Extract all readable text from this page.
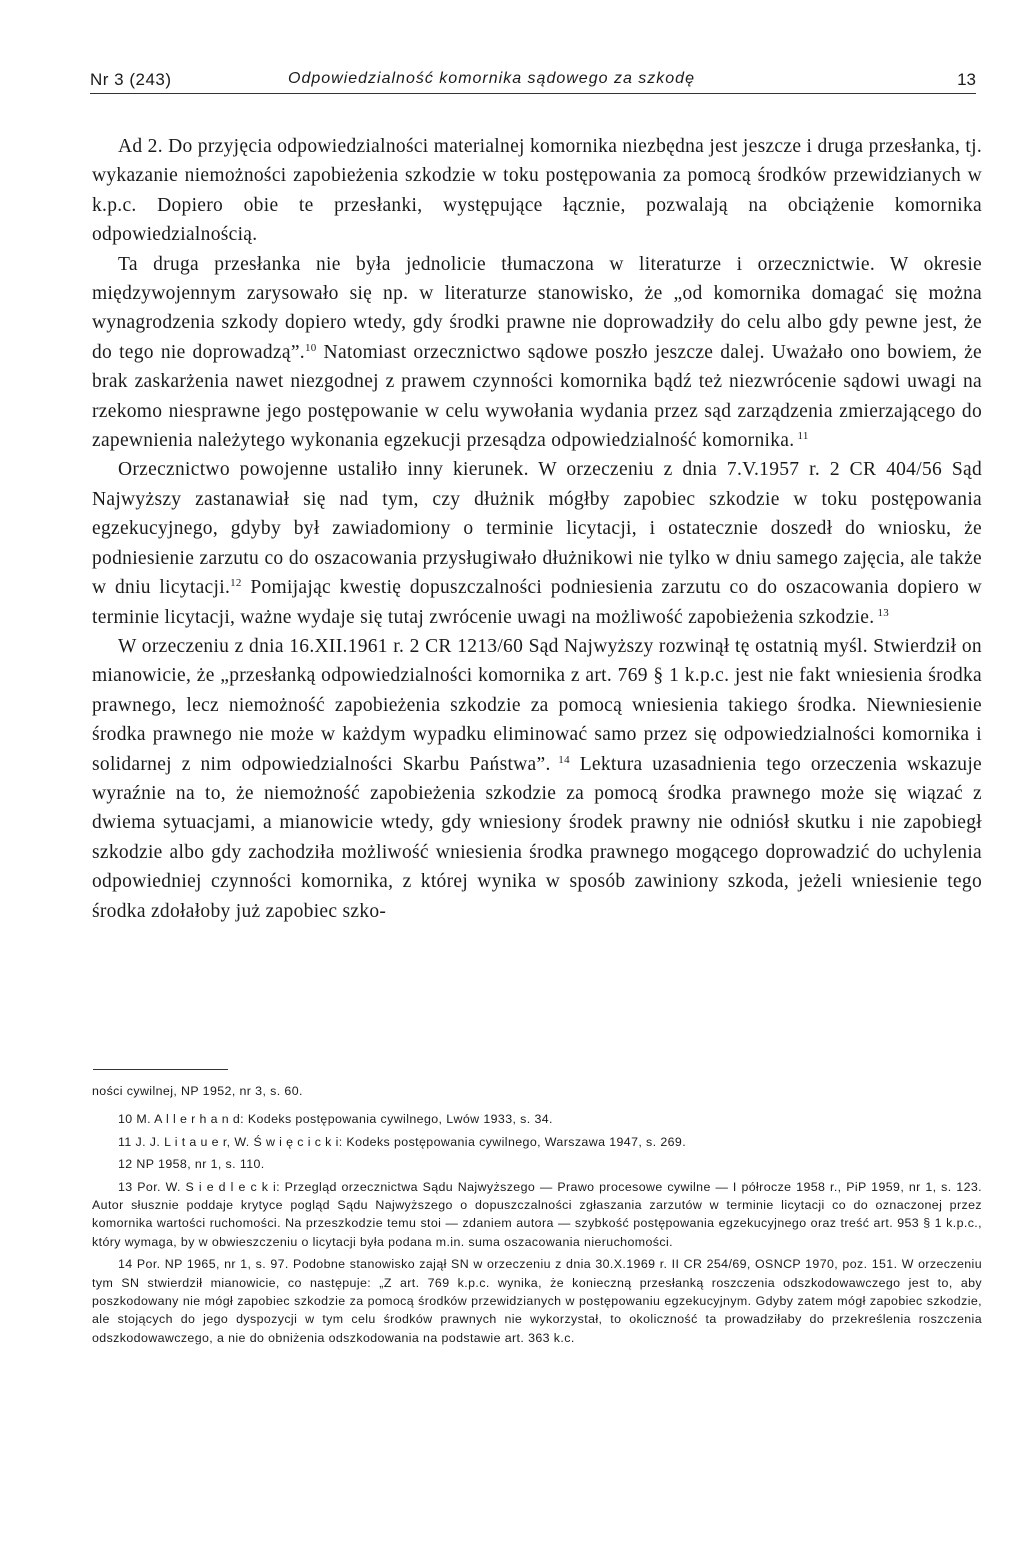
Nr 3 (243)	Odpowiedzialność komornika sądowego za szkodę	13

Ad 2. Do przyjęcia odpowiedzialności materialnej komornika niezbędna jest jeszcze i druga przesłanka, tj. wykazanie niemożności zapobieżenia szkodzie w toku postępowania za pomocą środków przewidzianych w k.p.c. Dopiero obie te przesłanki, występujące łącznie, pozwalają na obciążenie komornika odpowiedzialnością.

Ta druga przesłanka nie była jednolicie tłumaczona w literaturze i orzecznictwie. W okresie międzywojennym zarysowało się np. w literaturze stanowisko, że „od komornika domagać się można wynagrodzenia szkody dopiero wtedy, gdy środki prawne nie doprowadziły do celu albo gdy pewne jest, że do tego nie doprowadzą”.$^{10}$ Natomiast orzecznictwo sądowe poszło jeszcze dalej. Uważało ono bowiem, że brak zaskarżenia nawet niezgodnej z prawem czynności komornika bądź też niezwrócenie sądowi uwagi na rzekomo niesprawne jego postępowanie w celu wywołania wydania przez sąd zarządzenia zmierzającego do zapewnienia należytego wykonania egzekucji przesądza odpowiedzialność komornika. $^{11}$

Orzecznictwo powojenne ustaliło inny kierunek. W orzeczeniu z dnia 7.V.1957 r. 2 CR 404/56 Sąd Najwyższy zastanawiał się nad tym, czy dłużnik mógłby zapobiec szkodzie w toku postępowania egzekucyjnego, gdyby był zawiadomiony o terminie licytacji, i ostatecznie doszedł do wniosku, że podniesienie zarzutu co do oszacowania przysługiwało dłużnikowi nie tylko w dniu samego zajęcia, ale także w dniu licytacji.$^{12}$ Pomijając kwestię dopuszczalności podniesienia zarzutu co do oszacowania dopiero w terminie licytacji, ważne wydaje się tutaj zwrócenie uwagi na możliwość zapobieżenia szkodzie. $^{13}$

W orzeczeniu z dnia 16.XII.1961 r. 2 CR 1213/60 Sąd Najwyższy rozwinął tę ostatnią myśl. Stwierdził on mianowicie, że „przesłanką odpowiedzialności komornika z art. 769 § 1 k.p.c. jest nie fakt wniesienia środka prawnego, lecz niemożność zapobieżenia szkodzie za pomocą wniesienia takiego środka. Niewniesienie środka prawnego nie może w każdym wypadku eliminować samo przez się odpowiedzialności komornika i solidarnej z nim odpowiedzialności Skarbu Państwa”. $^{14}$ Lektura uzasadnienia tego orzeczenia wskazuje wyraźnie na to, że niemożność zapobieżenia szkodzie za pomocą środka prawnego może się wiązać z dwiema sytuacjami, a mianowicie wtedy, gdy wniesiony środek prawny nie odniósł skutku i nie zapobiegł szkodzie albo gdy zachodziła możliwość wniesienia środka prawnego mogącego doprowadzić do uchylenia odpowiedniej czynności komornika, z której wynika w sposób zawiniony szkoda, jeżeli wniesienie tego środka zdołałoby już zapobiec szko-

ności cywilnej, NP 1952, nr 3, s. 60.

10 M. A l l e r h a n d: Kodeks postępowania cywilnego, Lwów 1933, s. 34.

11 J. J. L i t a u e r, W. Ś w i ę c i c k i: Kodeks postępowania cywilnego, Warszawa 1947, s. 269.

12 NP 1958, nr 1, s. 110.

13 Por. W. S i e d l e c k i: Przegląd orzecznictwa Sądu Najwyższego — Prawo procesowe cywilne — I półrocze 1958 r., PiP 1959, nr 1, s. 123. Autor słusznie poddaje krytyce pogląd Sądu Najwyższego o dopuszczalności zgłaszania zarzutów w terminie licytacji co do oznaczonej przez komornika wartości ruchomości. Na przeszkodzie temu stoi — zdaniem autora — szybkość postępowania egzekucyjnego oraz treść art. 953 § 1 k.p.c., który wymaga, by w obwieszczeniu o licytacji była podana m.in. suma oszacowania nieruchomości.

14 Por. NP 1965, nr 1, s. 97. Podobne stanowisko zajął SN w orzeczeniu z dnia 30.X.1969 r. II CR 254/69, OSNCP 1970, poz. 151. W orzeczeniu tym SN stwierdził mianowicie, co następuje: „Z art. 769 k.p.c. wynika, że konieczną przesłanką roszczenia odszkodowawczego jest to, aby poszkodowany nie mógł zapobiec szkodzie za pomocą środków przewidzianych w postępowaniu egzekucyjnym. Gdyby zatem mógł zapobiec szkodzie, ale stojących do jego dyspozycji w tym celu środków prawnych nie wykorzystał, to okoliczność ta prowadziłaby do przekreślenia roszczenia odszkodowawczego, a nie do obniżenia odszkodowania na podstawie art. 363 k.c.
